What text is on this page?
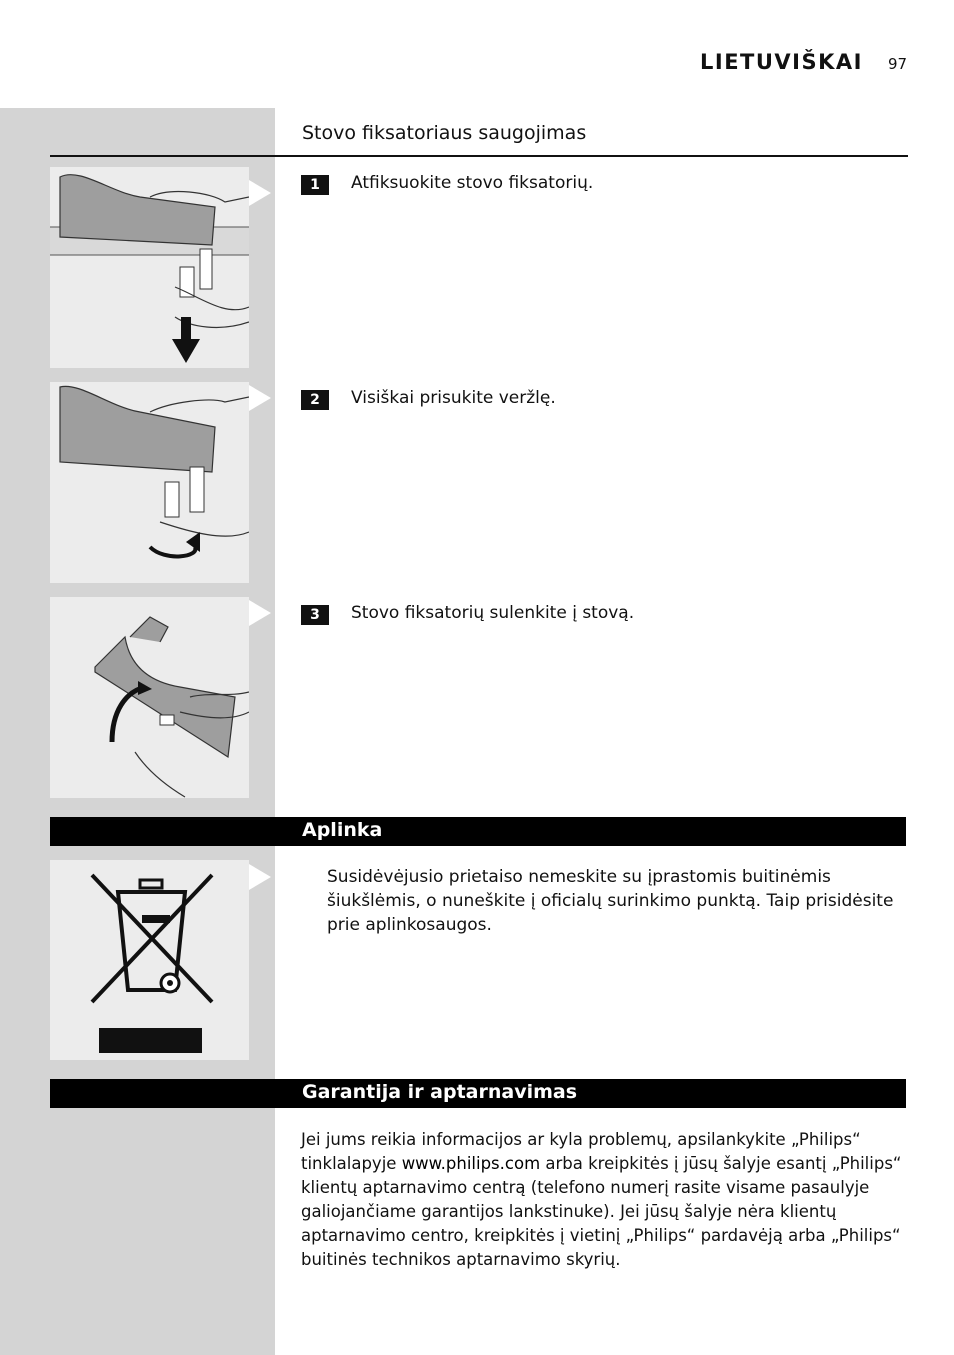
LIETUVIŠKAI 97
Stovo fiksatoriaus saugojimas
1	Atfiksuokite stovo fiksatorių.
2	Visiškai prisukite veržlę.
3	Stovo fiksatorių sulenkite į stovą.
Aplinka
Susidėvėjusio prietaiso nemeskite su įprastomis buitinėmis
šiukšlėmis, o nuneškite į oficialų surinkimo punktą. Taip prisidėsite
prie aplinkosaugos.
Garantija ir aptarnavimas
Jei jums reikia informacijos ar kyla problemų, apsilankykite „Philips“
tinklalapyje www.philips.com arba kreipkitės į jūsų šalyje esantį „Philips“
klientų aptarnavimo centrą (telefono numerį rasite visame pasaulyje
galiojančiame garantijos lankstinuke). Jei jūsų šalyje nėra klientų
aptarnavimo centro, kreipkitės į vietinį „Philips“ pardavėją arba „Philips“
buitinės technikos aptarnavimo skyrių.
